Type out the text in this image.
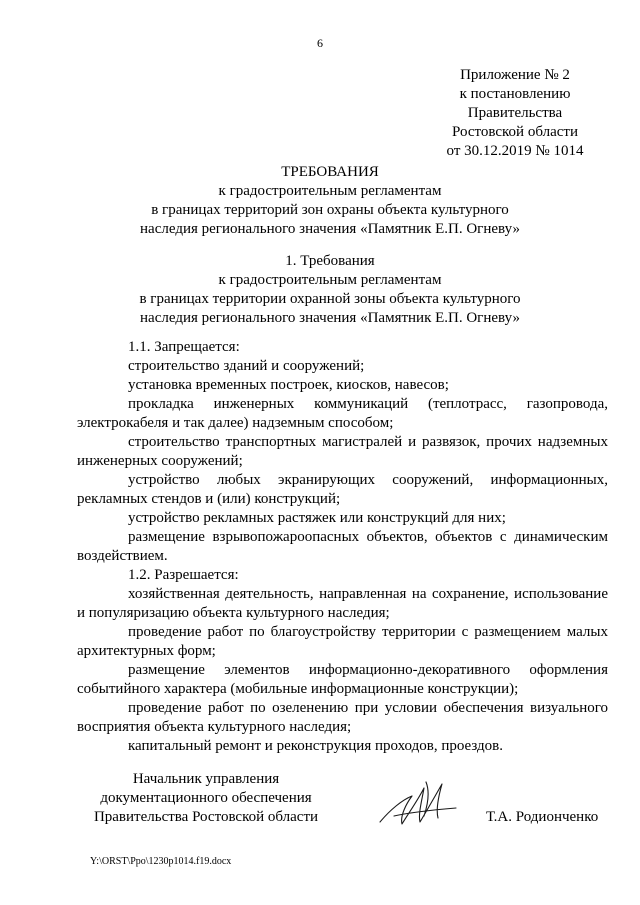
6
Приложение № 2
к постановлению
Правительства
Ростовской области
от 30.12.2019 № 1014
ТРЕБОВАНИЯ
к градостроительным регламентам
в границах территорий зон охраны объекта культурного
наследия регионального значения «Памятник Е.П. Огневу»
1. Требования
к градостроительным регламентам
в границах территории охранной зоны объекта культурного
наследия регионального значения «Памятник Е.П. Огневу»
1.1. Запрещается:
строительство зданий и сооружений;
установка временных построек, киосков, навесов;
прокладка инженерных коммуникаций (теплотрасс, газопровода,
электрокабеля и так далее) надземным способом;
строительство транспортных магистралей и развязок, прочих надземных
инженерных сооружений;
устройство любых экранирующих сооружений, информационных,
рекламных стендов и (или) конструкций;
устройство рекламных растяжек или конструкций для них;
размещение взрывопожароопасных объектов, объектов с динамическим
воздействием.
1.2. Разрешается:
хозяйственная деятельность, направленная на сохранение, использование
и популяризацию объекта культурного наследия;
проведение работ по благоустройству территории с размещением малых
архитектурных форм;
размещение элементов информационно-декоративного оформления
событийного характера (мобильные информационные конструкции);
проведение работ по озеленению при условии обеспечения визуального
восприятия объекта культурного наследия;
капитальный ремонт и реконструкция проходов, проездов.
Начальник управления
документационного обеспечения
Правительства Ростовской области	Т.А. Родионченко
Y:\ORST\Ppo\1230p1014.f19.docx
